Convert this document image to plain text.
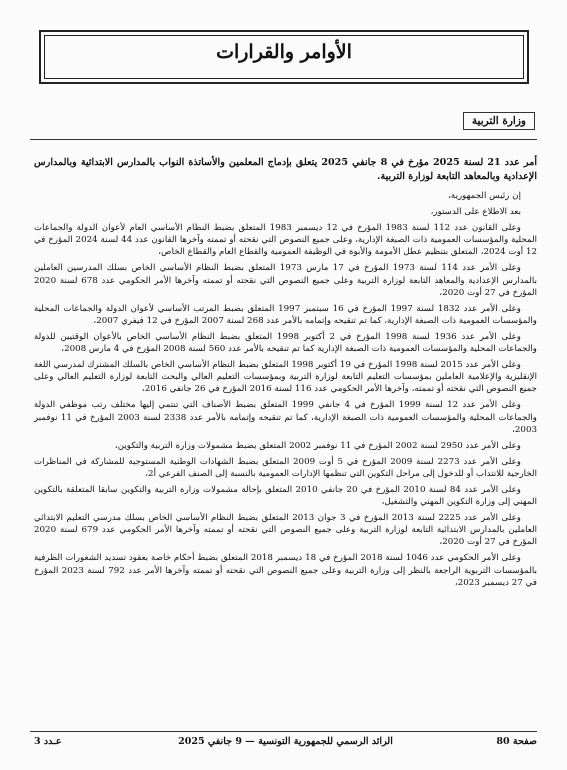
الأوامر والقرارات
وزارة التربية

أمر عدد 21 لسنة 2025 مؤرخ في 8 جانفي 2025 يتعلق بإدماج المعلمين والأساتذة النواب بالمدارس الابتدائية وبالمدارس الإعدادية وبالمعاهد التابعة لوزارة التربية.

إن رئيس الجمهورية،

بعد الاطلاع على الدستور،

وعلى القانون عدد 112 لسنة 1983 المؤرخ في 12 ديسمبر 1983 المتعلق بضبط النظام الأساسي العام لأعوان الدولة والجماعات المحلية والمؤسسات العمومية ذات الصبغة الإدارية، وعلى جميع النصوص التي نقحته أو تممته وآخرها القانون عدد 44 لسنة 2024 المؤرخ في 12 أوت 2024، المتعلق بتنظيم عطل الأمومة والأبوة في الوظيفة العمومية والقطاع العام والقطاع الخاص،

وعلى الأمر عدد 114 لسنة 1973 المؤرخ في 17 مارس 1973 المتعلق بضبط النظام الأساسي الخاص بسلك المدرسين العاملين بالمدارس الإعدادية والمعاهد التابعة لوزارة التربية وعلى جميع النصوص التي نقحته أو تممته وآخرها الأمر الحكومي عدد 678 لسنة 2020 المؤرخ في 27 أوت 2020،

وعلى الأمر عدد 1832 لسنة 1997 المؤرخ في 16 سبتمبر 1997 المتعلق بضبط المرتب الأساسي لأعوان الدولة والجماعات المحلية والمؤسسات العمومية ذات الصبغة الإدارية، كما تم تنقيحه وإتمامه بالأمر عدد 268 لسنة 2007 المؤرخ في 12 فيفري 2007،

وعلى الأمر عدد 1936 لسنة 1998 المؤرخ في 2 أكتوبر 1998 المتعلق بضبط النظام الأساسي الخاص بالأعوان الوقتيين للدولة والجماعات المحلية والمؤسسات العمومية ذات الصبغة الإدارية كما تم تنقيحه بالأمر عدد 560 لسنة 2008 المؤرخ في 4 مارس 2008،

وعلى الأمر عدد 2015 لسنة 1998 المؤرخ في 19 أكتوبر 1998 المتعلق بضبط النظام الأساسي الخاص بالسلك المشترك لمدرسي اللغة الإنقليزية والإعلامية العاملين بمؤسسات التعليم التابعة لوزارة التربية وبمؤسسات التعليم العالي والبحث التابعة لوزارة التعليم العالي وعلى جميع النصوص التي نقحته أو تممته، وآخرها الأمر الحكومي عدد 116 لسنة 2016 المؤرخ في 26 جانفي 2016،

وعلى الأمر عدد 12 لسنة 1999 المؤرخ في 4 جانفي 1999 المتعلق بضبط الأصناف التي تنتمي إليها مختلف رتب موظفي الدولة والجماعات المحلية والمؤسسات العمومية ذات الصبغة الإدارية، كما تم تنقيحه وإتمامه بالأمر عدد 2338 لسنة 2003 المؤرخ في 11 نوفمبر 2003،

وعلى الأمر عدد 2950 لسنة 2002 المؤرخ في 11 نوفمبر 2002 المتعلق بضبط مشمولات وزارة التربية والتكوين،

وعلى الأمر عدد 2273 لسنة 2009 المؤرخ في 5 أوت 2009 المتعلق بضبط الشهادات الوطنية المستوجبة للمشاركة في المناظرات الخارجية للانتداب أو للدخول إلى مراحل التكوين التي تنظمها الإدارات العمومية بالنسبة إلى الصنف الفرعي أ2،

وعلى الأمر عدد 84 لسنة 2010 المؤرخ في 20 جانفي 2010 المتعلق بإحالة مشمولات وزارة التربية والتكوين سابقا المتعلقة بالتكوين المهني إلى وزارة التكوين المهني والتشغيل،

وعلى الأمر عدد 2225 لسنة 2013 المؤرخ في 3 جوان 2013 المتعلق بضبط النظام الأساسي الخاص بسلك مدرسي التعليم الابتدائي العاملين بالمدارس الابتدائية التابعة لوزارة التربية وعلى جميع النصوص التي نقحته أو تممته وآخرها الأمر الحكومي عدد 679 لسنة 2020 المؤرخ في 27 أوت 2020،

وعلى الأمر الحكومي عدد 1046 لسنة 2018 المؤرخ في 18 ديسمبر 2018 المتعلق بضبط أحكام خاصة بعقود تسديد الشغورات الظرفية بالمؤسسات التربوية الراجعة بالنظر إلى وزارة التربية وعلى جميع النصوص التي نقحته أو تممته وآخرها الأمر عدد 792 لسنة 2023 المؤرخ في 27 ديسمبر 2023،

صفحة 80
الرائد الرسمي للجمهورية التونسية — 9 جانفي 2025
عـدد 3
